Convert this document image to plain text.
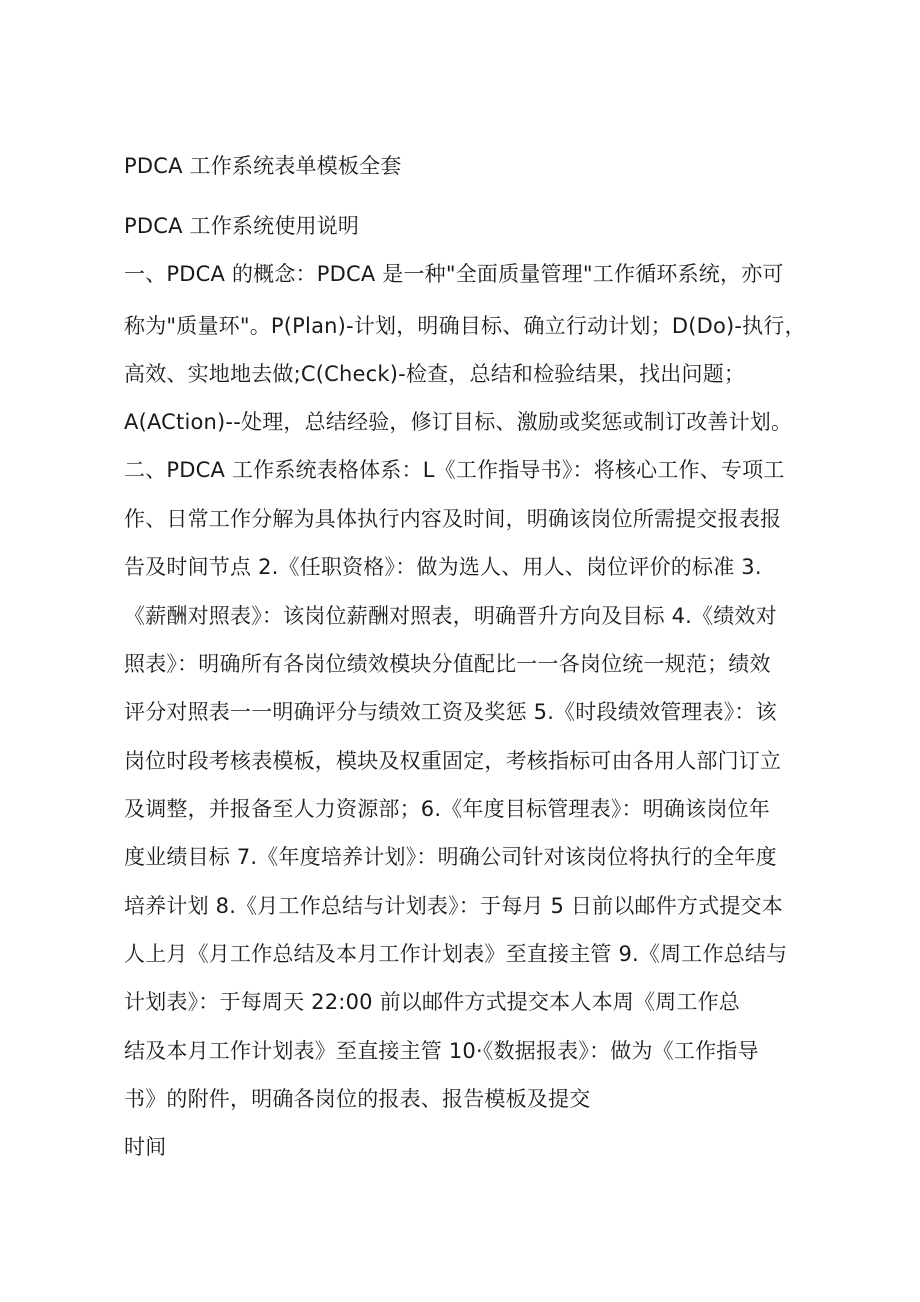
PDCA 工作系统表单模板全套
PDCA 工作系统使用说明
一、PDCA 的概念：PDCA 是一种"全面质量管理"工作循环系统，亦可
称为"质量环"。P(Plan)-计划，明确目标、确立行动计划；D(Do)-执行，
高效、实地地去做;C(Check)-检查，总结和检验结果，找出问题；
A(ACtion)--处理，总结经验，修订目标、激励或奖惩或制订改善计划。
二、PDCA 工作系统表格体系：L《工作指导书》：将核心工作、专项工
作、日常工作分解为具体执行内容及时间，明确该岗位所需提交报表报
告及时间节点 2.《任职资格》：做为选人、用人、岗位评价的标准 3.
《薪酬对照表》：该岗位薪酬对照表，明确晋升方向及目标 4.《绩效对
照表》：明确所有各岗位绩效模块分值配比一一各岗位统一规范；绩效
评分对照表一一明确评分与绩效工资及奖惩 5.《时段绩效管理表》：该
岗位时段考核表模板，模块及权重固定，考核指标可由各用人部门订立
及调整，并报备至人力资源部；6.《年度目标管理表》：明确该岗位年
度业绩目标 7.《年度培养计划》：明确公司针对该岗位将执行的全年度
培养计划 8.《月工作总结与计划表》：于每月 5 日前以邮件方式提交本
人上月《月工作总结及本月工作计划表》至直接主管 9.《周工作总结与
计划表》：于每周天 22:00 前以邮件方式提交本人本周《周工作总
结及本月工作计划表》至直接主管 10·《数据报表》：做为《工作指导
书》的附件，明确各岗位的报表、报告模板及提交
时间
